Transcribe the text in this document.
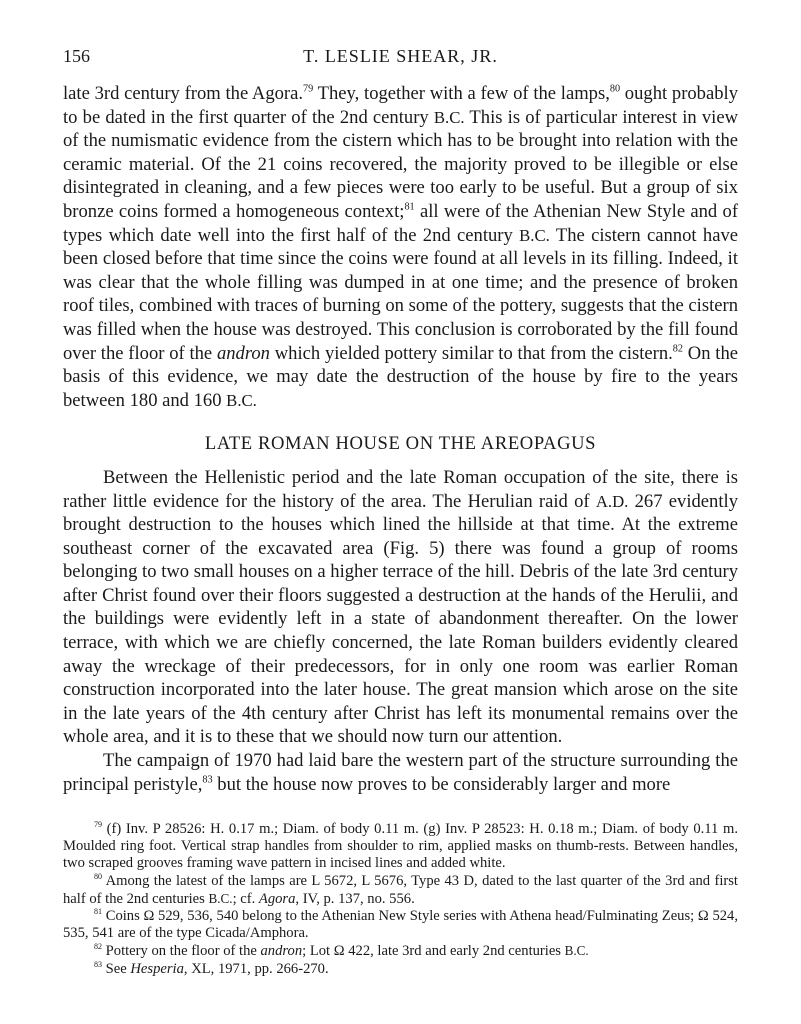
156	T. LESLIE SHEAR, JR.

late 3rd century from the Agora.$^{79}$ They, together with a few of the lamps,$^{80}$ ought probably to be dated in the first quarter of the 2nd century B.C. This is of particular interest in view of the numismatic evidence from the cistern which has to be brought into relation with the ceramic material. Of the 21 coins recovered, the majority proved to be illegible or else disintegrated in cleaning, and a few pieces were too early to be useful. But a group of six bronze coins formed a homogeneous context;$^{81}$ all were of the Athenian New Style and of types which date well into the first half of the 2nd century B.C. The cistern cannot have been closed before that time since the coins were found at all levels in its filling. Indeed, it was clear that the whole filling was dumped in at one time; and the presence of broken roof tiles, combined with traces of burning on some of the pottery, suggests that the cistern was filled when the house was destroyed. This conclusion is corroborated by the fill found over the floor of the andron which yielded pottery similar to that from the cistern.$^{82}$ On the basis of this evidence, we may date the destruction of the house by fire to the years between 180 and 160 B.C.

LATE ROMAN HOUSE ON THE AREOPAGUS

Between the Hellenistic period and the late Roman occupation of the site, there is rather little evidence for the history of the area. The Herulian raid of A.D. 267 evidently brought destruction to the houses which lined the hillside at that time. At the extreme southeast corner of the excavated area (Fig. 5) there was found a group of rooms belonging to two small houses on a higher terrace of the hill. Debris of the late 3rd century after Christ found over their floors suggested a destruction at the hands of the Herulii, and the buildings were evidently left in a state of abandonment thereafter. On the lower terrace, with which we are chiefly concerned, the late Roman builders evidently cleared away the wreckage of their predecessors, for in only one room was earlier Roman construction incorporated into the later house. The great mansion which arose on the site in the late years of the 4th century after Christ has left its monumental remains over the whole area, and it is to these that we should now turn our attention.

The campaign of 1970 had laid bare the western part of the structure surrounding the principal peristyle,$^{83}$ but the house now proves to be considerably larger and more

$^{79}$ (f) Inv. P 28526: H. 0.17 m.; Diam. of body 0.11 m. (g) Inv. P 28523: H. 0.18 m.; Diam. of body 0.11 m. Moulded ring foot. Vertical strap handles from shoulder to rim, applied masks on thumb-rests. Between handles, two scraped grooves framing wave pattern in incised lines and added white.

$^{80}$ Among the latest of the lamps are L 5672, L 5676, Type 43 D, dated to the last quarter of the 3rd and first half of the 2nd centuries B.C.; cf. Agora, IV, p. 137, no. 556.

$^{81}$ Coins Ω 529, 536, 540 belong to the Athenian New Style series with Athena head/Fulminating Zeus; Ω 524, 535, 541 are of the type Cicada/Amphora.

$^{82}$ Pottery on the floor of the andron; Lot Ω 422, late 3rd and early 2nd centuries B.C.

$^{83}$ See Hesperia, XL, 1971, pp. 266-270.
